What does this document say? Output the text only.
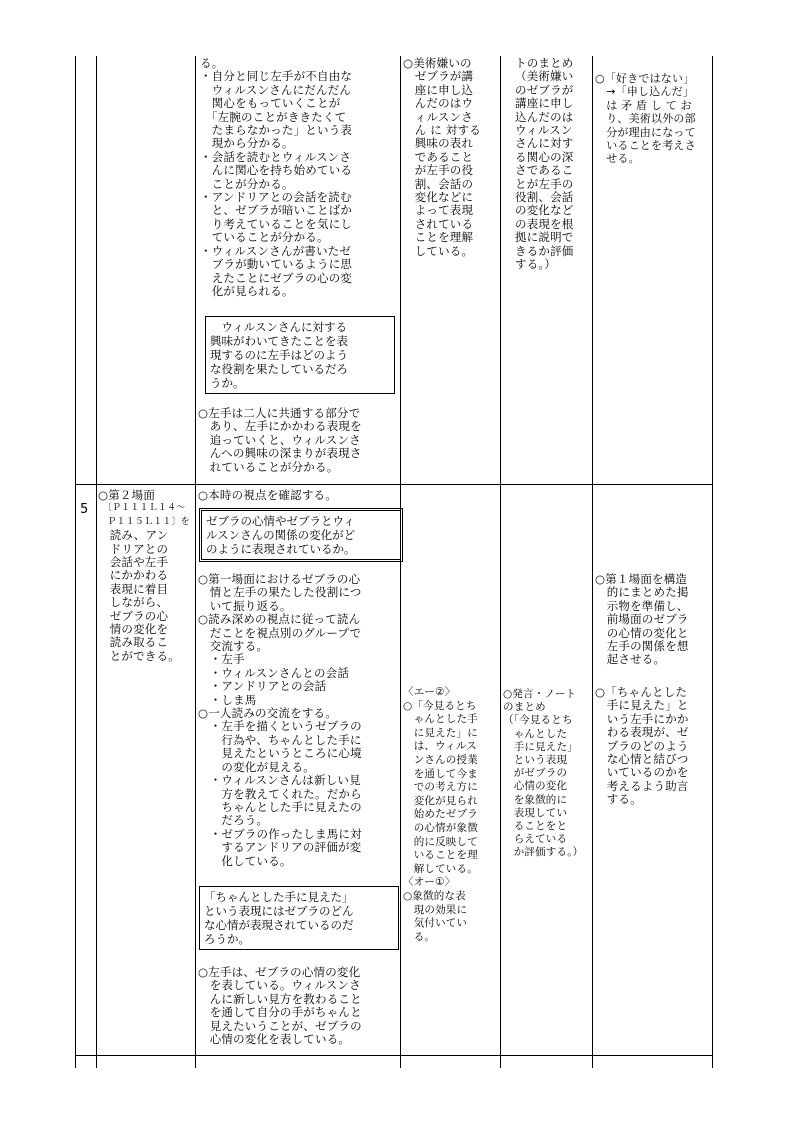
る。
・自分と同じ左手が不自由な
　ウィルスンさんにだんだん
　関心をもっていくことが
　「左腕のことがききたくて
　たまらなかった」という表
　現から分かる。
・会話を読むとウィルスンさ
　んに関心を持ち始めている
　ことが分かる。
・アンドリアとの会話を読む
　と、ゼブラが暗いことばか
　り考えていることを気にし
　ていることが分かる。
・ウィルスンさんが書いたゼ
　ブラが動いているように思
　えたことにゼブラの心の変
　化が見られる。
　ウィルスンさんに対する
興味がわいてきたことを表
現するのに左手はどのよう
な役割を果たしているだろ
うか。
○左手は二人に共通する部分で
　あり、左手にかかわる表現を
　追っていくと、ウィルスンさ
　んへの興味の深まりが表現さ
　れていることが分かる。
○美術嫌いの
　ゼブラが講
　座に申し込
　んだのはウ
　ィルスンさ
　ん に 対する
　興味の表れ
　であること
　が左手の役
　割、会話の
　変化などに
　よって表現
　されている
　ことを理解
　している。
トのまとめ
（美術嫌い
のゼブラが
講座に申し
込んだのは
ウィルスン
さんに対す
る関心の深
さであるこ
とが左手の
役割、会話
の変化など
の表現を根
拠に説明で
きるか評価
する。）
○「好きではない」
　→「申し込んだ」
　は 矛 盾 し て お
　り、美術以外の部
　分が理由になって
　いることを考えさ
　せる。
5
○第２場面
　〔Ｐ１１１Ｌ１４～
　Ｐ１１５Ｌ１１〕を
　読み、アン
　ドリアとの
　会話や左手
　にかかわる
　表現に着目
　しながら、
　ゼブラの心
　情の変化を
　読み取るこ
　とができる。
○本時の視点を確認する。
ゼブラの心情やゼブラとウィ
ルスンさんの関係の変化がど
のように表現されているか。
○第一場面におけるゼブラの心
　情と左手の果たした役割につ
　いて振り返る。
○読み深めの視点に従って読ん
　だことを視点別のグループで
　交流する。
　・左手
　・ウィルスンさんとの会話
　・アンドリアとの会話
　・しま馬
○一人読みの交流をする。
　・左手を描くというゼブラの
　　行為や、ちゃんとした手に
　　見えたというところに心境
　　の変化が見える。
　・ウィルスンさんは新しい見
　　方を教えてくれた。だから
　　ちゃんとした手に見えたの
　　だろう。
　・ゼブラの作ったしま馬に対
　　するアンドリアの評価が変
　　化している。
「ちゃんとした手に見えた」
という表現にはゼブラのどん
な心情が表現されているのだ
ろうか。
○左手は、ゼブラの心情の変化
　を表している。ウィルスンさ
　んに新しい見方を教わること
　を通して自分の手がちゃんと
　見えたいうことが、ゼブラの
　心情の変化を表している。
〈エー②〉
○「今見るとち
　ゃんとした手
　に見えた」に
　は、ウィルス
　ンさんの授業
　を通して今ま
　での考え方に
　変化が見られ
　始めたゼブラ
　の心情が象徴
　的に反映して
　いることを理
　解している。
〈オー①〉
○象徴的な表
　現の効果に
　気付いてい
　る。
○発言・ノート
のまとめ
（「今見るとち
　ゃんとした
　手に見えた」
　という表現
　がゼブラの
　心情の変化
　を象徴的に
　表現してい
　ることをと
　らえている
　か評価する。）
○第１場面を構造
　的にまとめた掲
　示物を準備し、
　前場面のゼブラ
　の心情の変化と
　左手の関係を想
　起させる。
○「ちゃんとした
　手に見えた」と
　いう左手にかか
　わる表現が、ゼ
　ブラのどのよう
　な心情と結びつ
　いているのかを
　考えるよう助言
　する。
